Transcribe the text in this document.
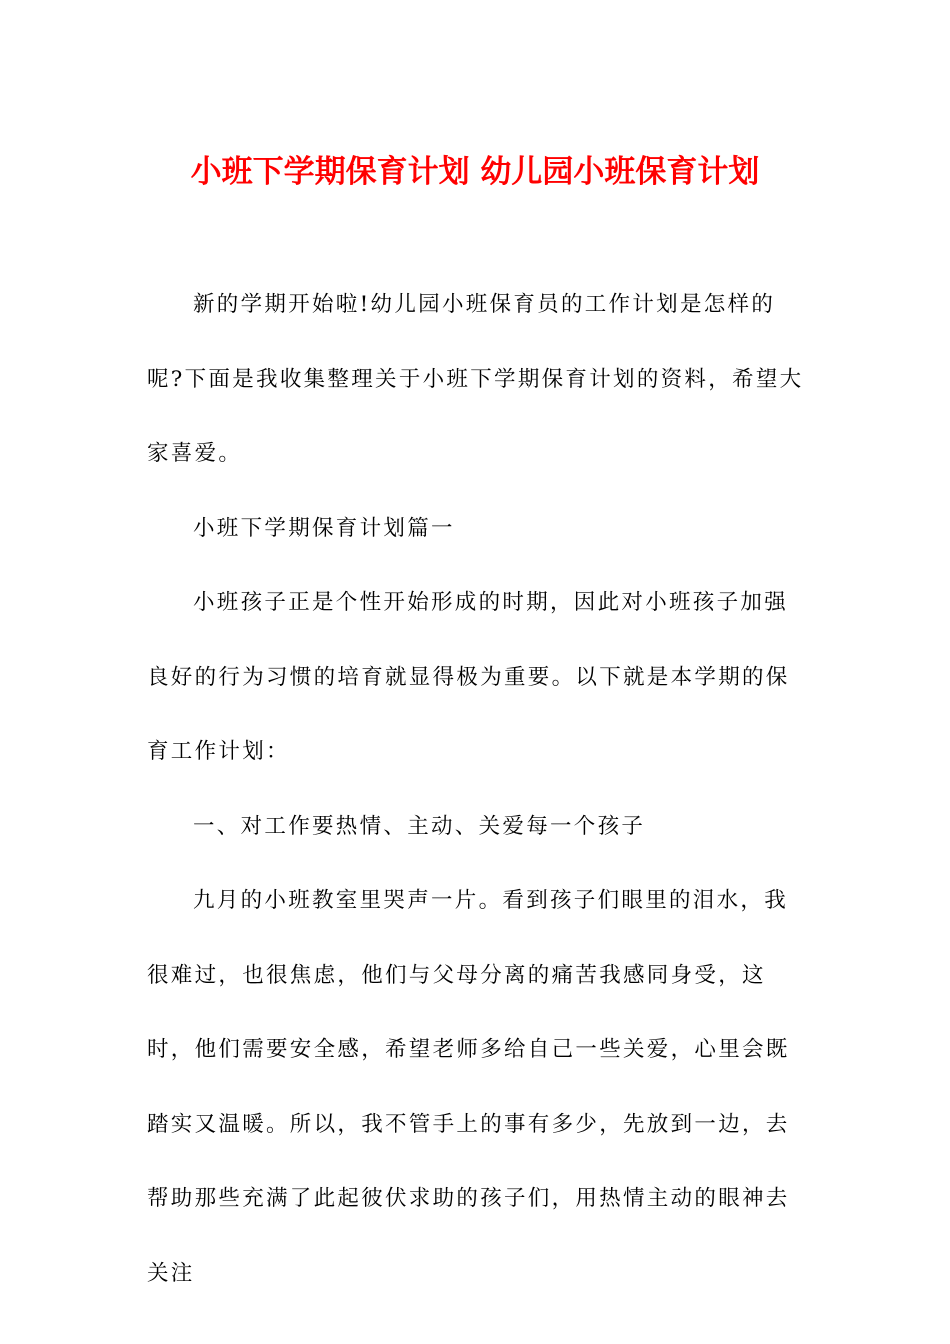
小班下学期保育计划 幼儿园小班保育计划

新的学期开始啦!幼儿园小班保育员的工作计划是怎样的呢?下面是我收集整理关于小班下学期保育计划的资料，希望大家喜爱。

小班下学期保育计划篇一

小班孩子正是个性开始形成的时期，因此对小班孩子加强良好的行为习惯的培育就显得极为重要。以下就是本学期的保育工作计划：

一、对工作要热情、主动、关爱每一个孩子

九月的小班教室里哭声一片。看到孩子们眼里的泪水，我很难过，也很焦虑，他们与父母分离的痛苦我感同身受，这时，他们需要安全感，希望老师多给自己一些关爱，心里会既踏实又温暖。所以，我不管手上的事有多少，先放到一边，去帮助那些充满了此起彼伏求助的孩子们，用热情主动的眼神去关注
